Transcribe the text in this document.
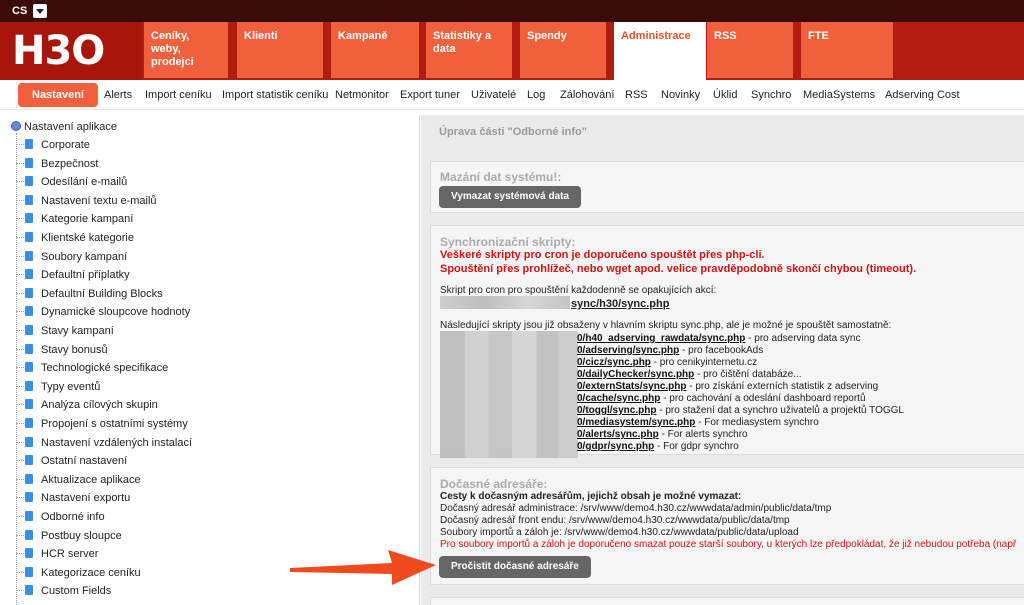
CS
H3O	Ceníky, weby, prodejci
Klienti	Kampaně	Statistiky a data
Spendy	Administrace	RSS	FTE
Nastavení	Alerts Import ceníku Import statistik ceníku Netmonitor Export tuner Uživatelé Log Zálohování RSS Novinky Úklid Synchro MediaSystems Adserving Cost
Nastavení aplikace
Corporate
Bezpečnost
Odesílání e-mailů
Nastavení textu e-mailů
Kategorie kampaní
Klientské kategorie
Soubory kampaní
Defaultní příplatky
Defaultní Building Blocks
Dynamické sloupcove hodnoty
Stavy kampaní
Stavy bonusů
Technologické specifikace
Typy eventů
Analýza cílových skupin
Propojení s ostatními systémy
Nastavení vzdálených instalací
Ostatní nastavení
Aktualizace aplikace
Nastavení exportu
Odborné info
Postbuy sloupce
HCR server
Kategorizace ceníku
Custom Fields
Úprava části "Odborné info"
Mazání dat systému!:
Vymazat systémová data
Synchronizační skripty:
Veškeré skripty pro cron je doporučeno spouštět přes php-cli.
Spouštění přes prohlížeč, nebo wget apod. velice pravděpodobně skončí chybou (timeout).
Skript pro cron pro spouštění každodenně se opakujících akcí:
sync/h30/sync.php
Následující skripty jsou již obsaženy v hlavním skriptu sync.php, ale je možné je spouštět samostatně:
0/h40_adserving_rawdata/sync.php - pro adserving data sync
0/adserving/sync.php - pro facebookAds
0/cicz/sync.php - pro cenikyinternetu.cz
0/dailyChecker/sync.php - pro čištění databáze...
0/externStats/sync.php - pro získání externích statistik z adserving
0/cache/sync.php - pro cachování a odeslání dashboard reportů
0/toggl/sync.php - pro stažení dat a synchro uživatelů a projektů TOGGL
0/mediasystem/sync.php - For mediasystem synchro
0/alerts/sync.php - For alerts synchro
0/gdpr/sync.php - For gdpr synchro
Dočasné adresáře:
Cesty k dočasným adresářům, jejichž obsah je možné vymazat:
Dočasný adresář administrace: /srv/www/demo4.h30.cz/wwwdata/admin/public/data/tmp
Dočasný adresář front endu: /srv/www/demo4.h30.cz/wwwdata/public/data/tmp
Soubory importů a záloh je: /srv/www/demo4.h30.cz/wwwdata/public/data/upload
Pro soubory importů a záloh je doporučeno smazat pouze starší soubory, u kterých lze předpokládat, že již nebudou potřeba (např
Pročistit dočasné adresáře
